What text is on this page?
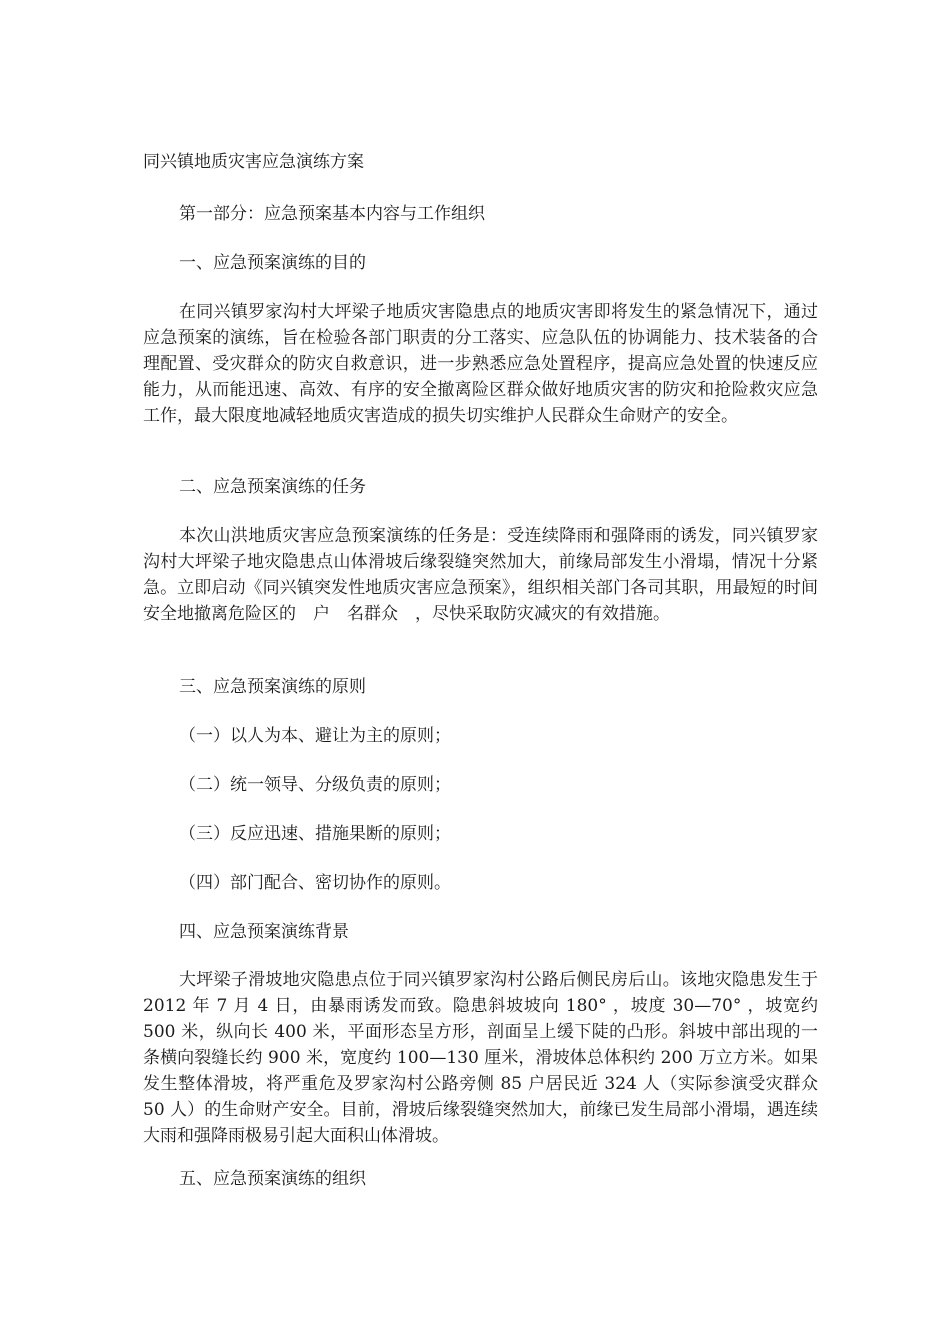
同兴镇地质灾害应急演练方案

第一部分：应急预案基本内容与工作组织

一、应急预案演练的目的

在同兴镇罗家沟村大坪梁子地质灾害隐患点的地质灾害即将发生的紧急情况下，通过应急预案的演练，旨在检验各部门职责的分工落实、应急队伍的协调能力、技术装备的合理配置、受灾群众的防灾自救意识，进一步熟悉应急处置程序，提高应急处置的快速反应能力，从而能迅速、高效、有序的安全撤离险区群众做好地质灾害的防灾和抢险救灾应急工作，最大限度地减轻地质灾害造成的损失切实维护人民群众生命财产的安全。

二、应急预案演练的任务

本次山洪地质灾害应急预案演练的任务是：受连续降雨和强降雨的诱发，同兴镇罗家沟村大坪梁子地灾隐患点山体滑坡后缘裂缝突然加大，前缘局部发生小滑塌，情况十分紧急。立即启动《同兴镇突发性地质灾害应急预案》，组织相关部门各司其职，用最短的时间安全地撤离危险区的　户　名群众　，尽快采取防灾减灾的有效措施。

三、应急预案演练的原则

（一）以人为本、避让为主的原则；

（二）统一领导、分级负责的原则；

（三）反应迅速、措施果断的原则；

（四）部门配合、密切协作的原则。

四、应急预案演练背景

大坪梁子滑坡地灾隐患点位于同兴镇罗家沟村公路后侧民房后山。该地灾隐患发生于 2012 年 7 月 4 日，由暴雨诱发而致。隐患斜坡坡向 180° ，坡度 30—70° ，坡宽约 500 米，纵向长 400 米，平面形态呈方形，剖面呈上缓下陡的凸形。斜坡中部出现的一条横向裂缝长约 900 米，宽度约 100—130 厘米，滑坡体总体积约 200 万立方米。如果发生整体滑坡，将严重危及罗家沟村公路旁侧 85 户居民近 324 人（实际参演受灾群众 50 人）的生命财产安全。目前，滑坡后缘裂缝突然加大，前缘已发生局部小滑塌，遇连续大雨和强降雨极易引起大面积山体滑坡。

五、应急预案演练的组织
